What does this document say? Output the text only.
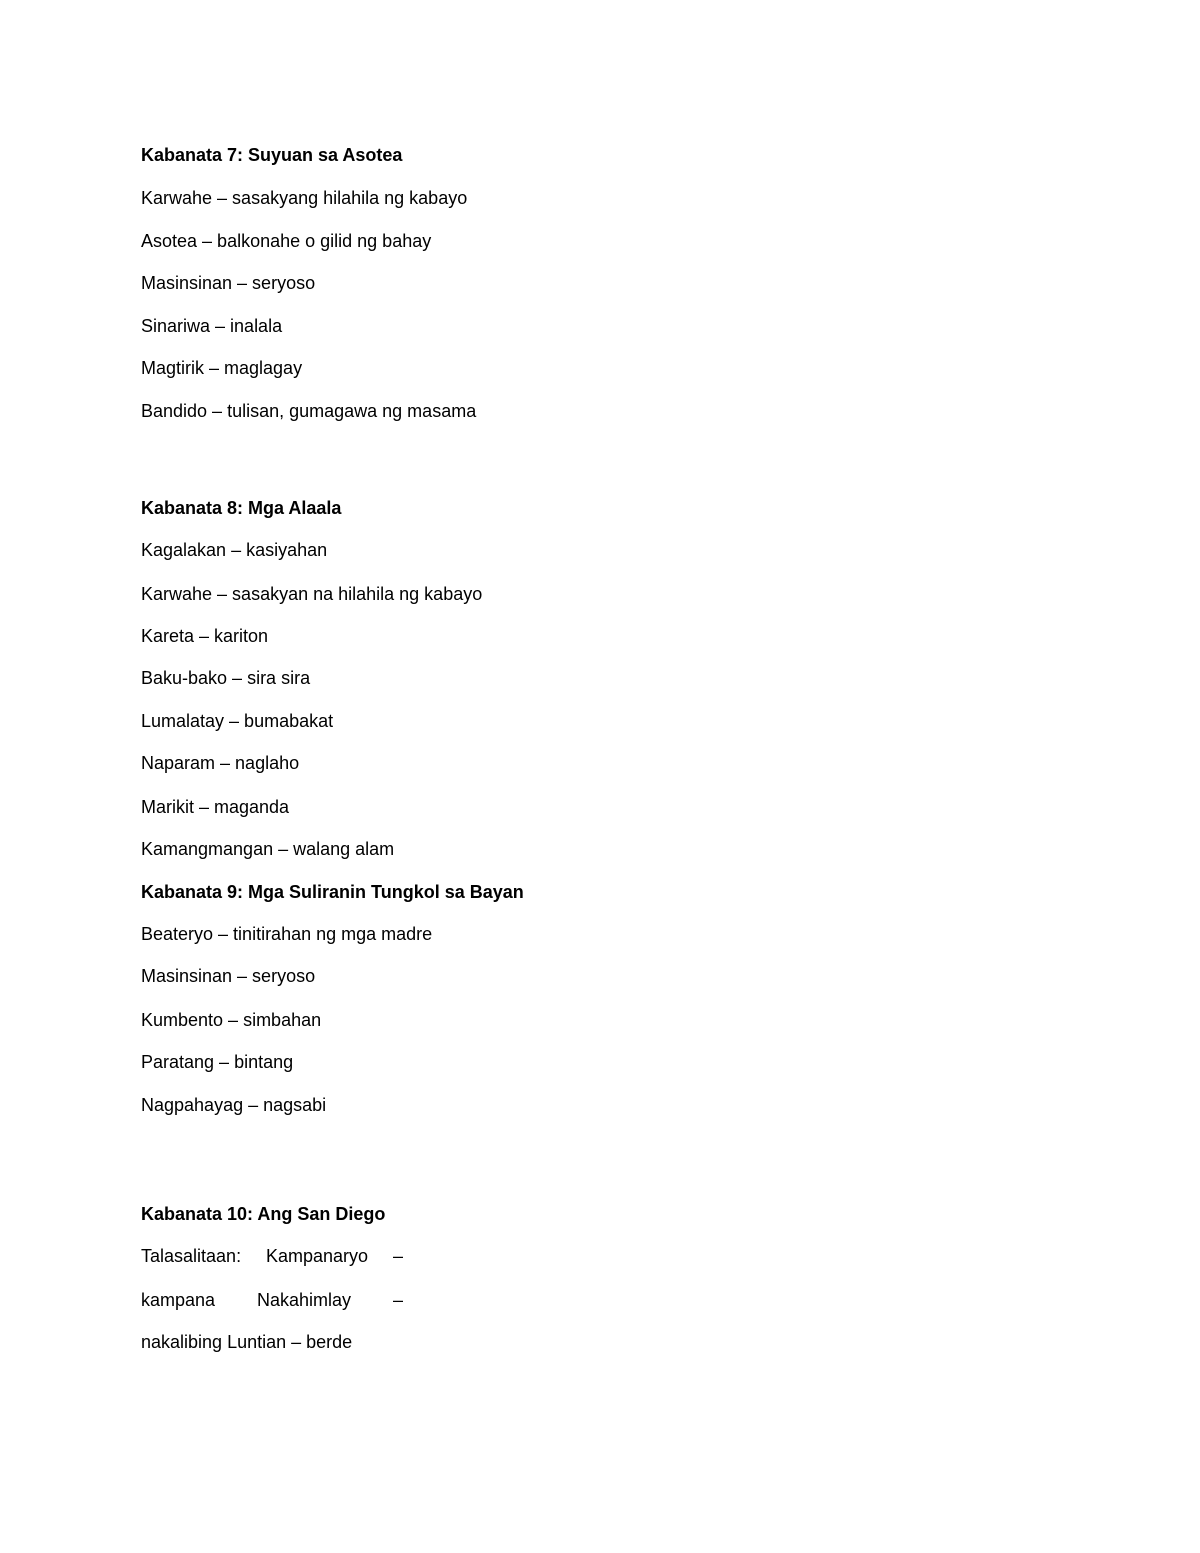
Kabanata 7: Suyuan sa Asotea
Karwahe – sasakyang hilahila ng kabayo
Asotea – balkonahe o gilid ng bahay
Masinsinan – seryoso
Sinariwa – inalala
Magtirik – maglagay
Bandido – tulisan, gumagawa ng masama
Kabanata 8: Mga Alaala
Kagalakan – kasiyahan
Karwahe – sasakyan na hilahila ng kabayo
Kareta – kariton
Baku-bako – sira sira
Lumalatay – bumabakat
Naparam – naglaho
Marikit – maganda
Kamangmangan – walang alam
Kabanata 9: Mga Suliranin Tungkol sa Bayan
Beateryo – tinitirahan ng mga madre
Masinsinan – seryoso
Kumbento – simbahan
Paratang – bintang
Nagpahayag – nagsabi
Kabanata 10: Ang San Diego
Talasalitaan: Kampanaryo –
kampana Nakahimlay –
nakalibing Luntian – berde
